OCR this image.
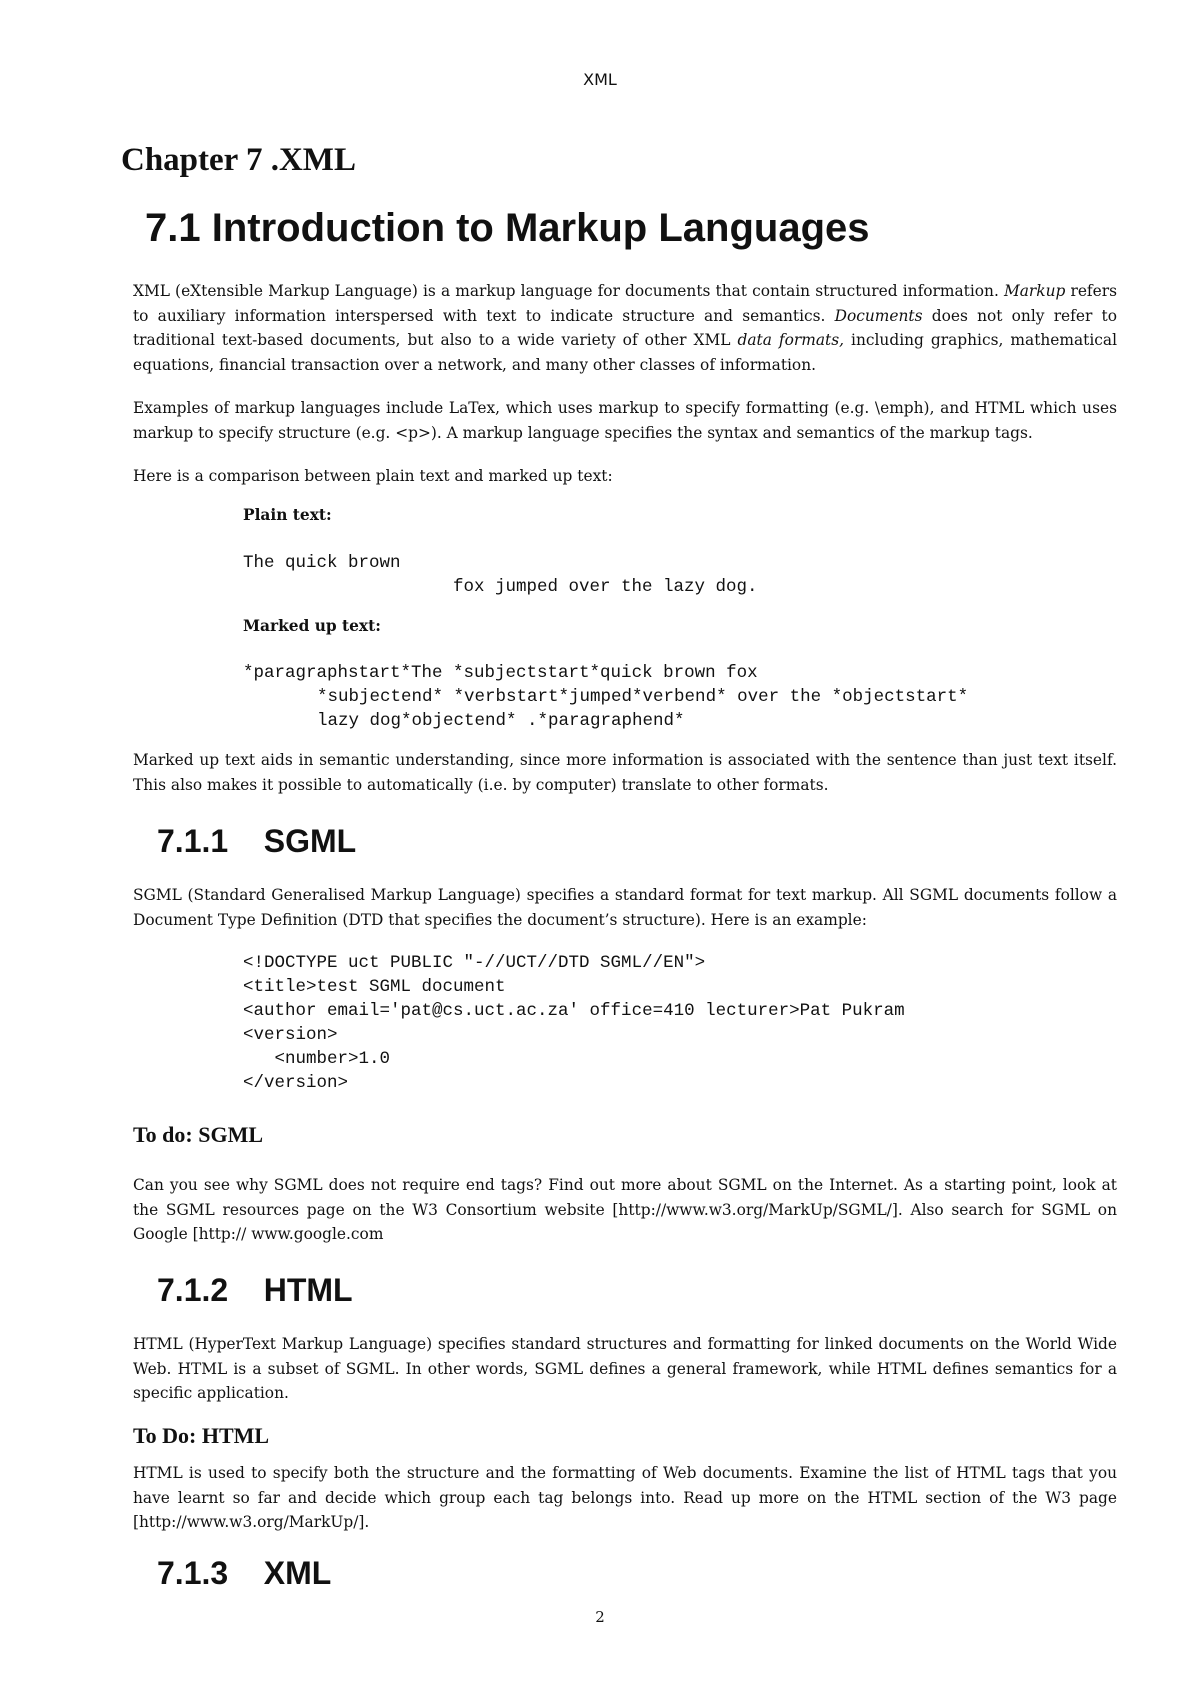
XML
Chapter 7 .XML
7.1 Introduction to Markup Languages

XML (eXtensible Markup Language) is a markup language for documents that contain structured information. Markup refers to auxiliary information interspersed with text to indicate structure and semantics. Documents does not only refer to traditional text-based documents, but also to a wide variety of other XML data formats, including graphics, mathematical equations, financial transaction over a network, and many other classes of information.

Examples of markup languages include LaTex, which uses markup to specify formatting (e.g. \emph), and HTML which uses markup to specify structure (e.g. <p>). A markup language specifies the syntax and semantics of the markup tags.

Here is a comparison between plain text and marked up text:

Plain text:
The quick brown
fox jumped over the lazy dog.
Marked up text:
*paragraphstart*The *subjectstart*quick brown fox
*subjectend* *verbstart*jumped*verbend* over the *objectstart*
lazy dog*objectend* .*paragraphend*

Marked up text aids in semantic understanding, since more information is associated with the sentence than just text itself. This also makes it possible to automatically (i.e. by computer) translate to other formats.

7.1.1    SGML

SGML (Standard Generalised Markup Language) specifies a standard format for text markup. All SGML documents follow a Document Type Definition (DTD that specifies the document’s structure). Here is an example:

<!DOCTYPE uct PUBLIC "-//UCT//DTD SGML//EN">
<title>test SGML document
<author email='pat@cs.uct.ac.za' office=410 lecturer>Pat Pukram
<version>
<number>1.0
</version>
To do: SGML

Can you see why SGML does not require end tags? Find out more about SGML on the Internet. As a starting point, look at the SGML resources page on the W3 Consortium website [http://www.w3.org/MarkUp/SGML/]. Also search for SGML on Google [http:// www.google.com

7.1.2    HTML

HTML (HyperText Markup Language) specifies standard structures and formatting for linked documents on the World Wide Web. HTML is a subset of SGML. In other words, SGML defines a general framework, while HTML defines semantics for a specific application.

To Do: HTML

HTML is used to specify both the structure and the formatting of Web documents. Examine the list of HTML tags that you have learnt so far and decide which group each tag belongs into. Read up more on the HTML section of the W3 page [http://www.w3.org/MarkUp/].

7.1.3    XML
2
